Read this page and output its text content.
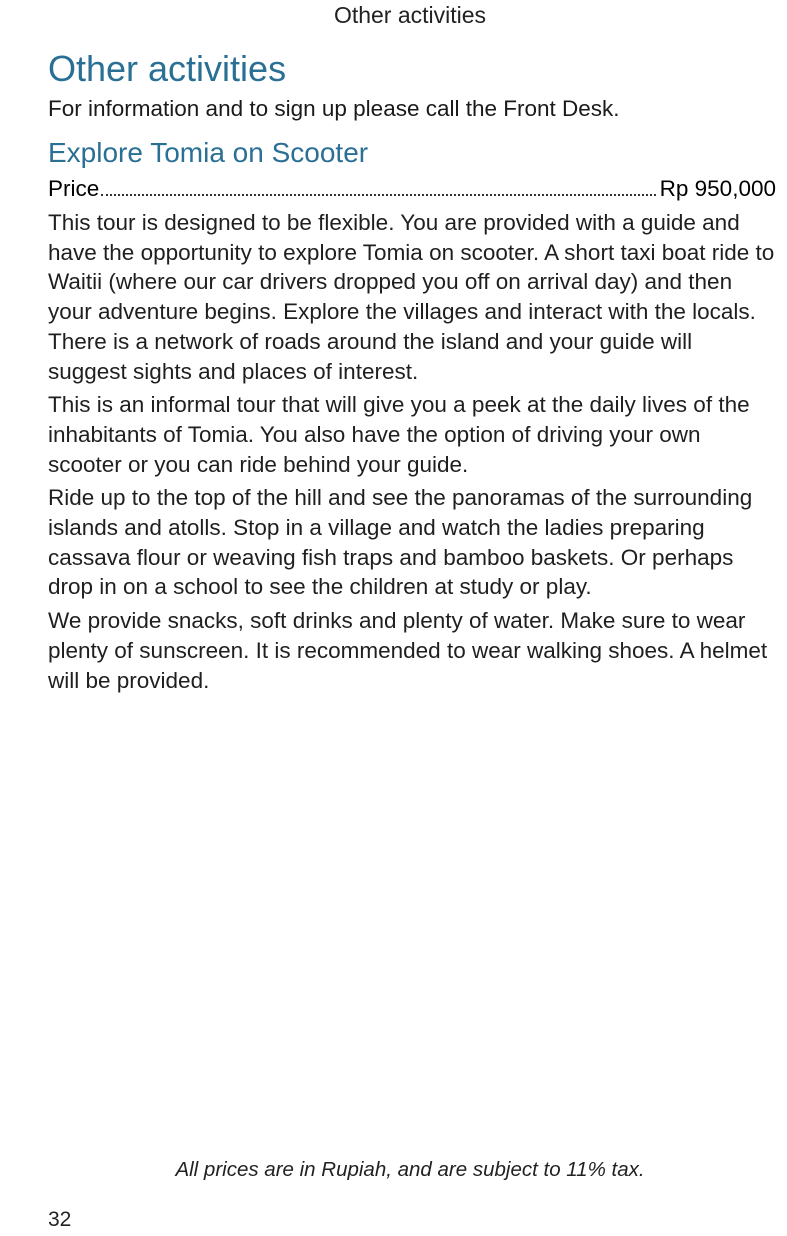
Other activities
Other activities

For information and to sign up please call the Front Desk.

Explore Tomia on Scooter
Price	Rp 950,000

This tour is designed to be flexible. You are provided with a guide and have the opportunity to explore Tomia on scooter. A short taxi boat ride to Waitii (where our car drivers dropped you off on arrival day) and then your adventure begins. Explore the villages and interact with the locals. There is a network of roads around the island and your guide will suggest sights and places of interest.

This is an informal tour that will give you a peek at the daily lives of the inhabitants of Tomia. You also have the option of driving your own scooter or you can ride behind your guide.

Ride up to the top of the hill and see the panoramas of the surrounding islands and atolls. Stop in a village and watch the ladies preparing cassava flour or weaving fish traps and bamboo baskets. Or perhaps drop in on a school to see the children at study or play.

We provide snacks, soft drinks and plenty of water. Make sure to wear plenty of sunscreen. It is recommended to wear walking shoes. A helmet will be provided.

All prices are in Rupiah, and are subject to 11% tax.
32
